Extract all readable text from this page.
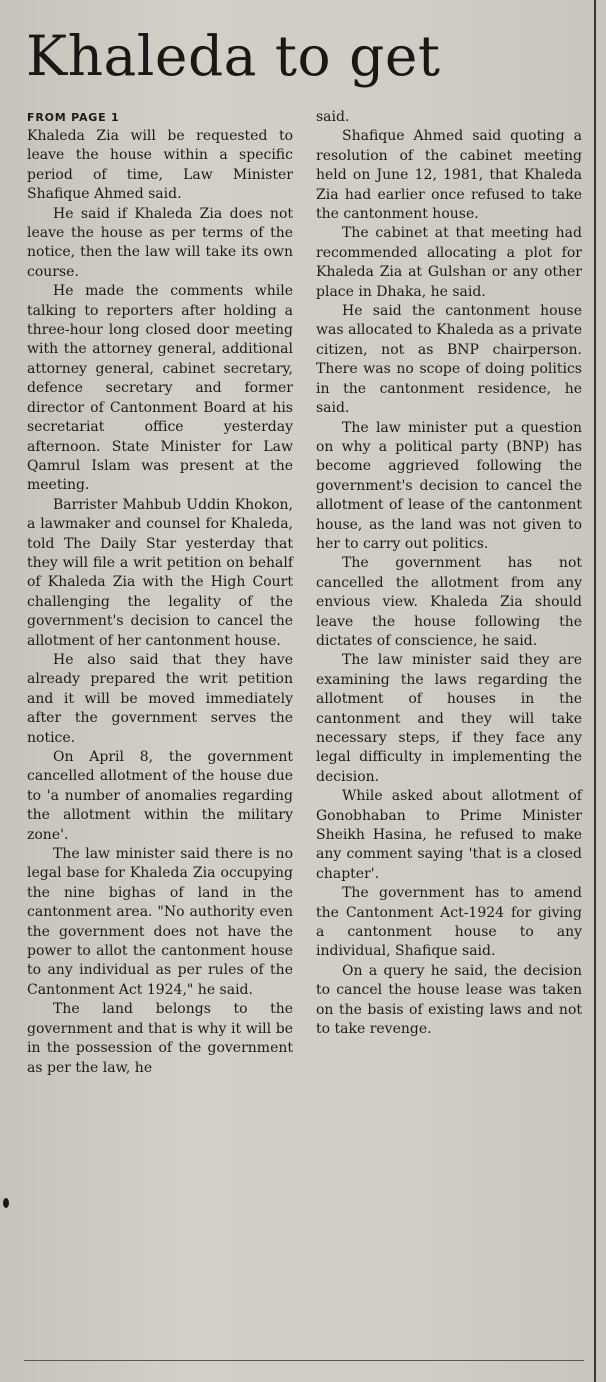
Khaleda to get
FROM PAGE 1

Khaleda Zia will be requested to leave the house within a specific period of time, Law Minister Shafique Ahmed said.

He said if Khaleda Zia does not leave the house as per terms of the notice, then the law will take its own course.

He made the comments while talking to reporters after holding a three-hour long closed door meeting with the attorney general, additional attorney general, cabinet secretary, defence secretary and former director of Cantonment Board at his secretariat office yesterday afternoon. State Minister for Law Qamrul Islam was present at the meeting.

Barrister Mahbub Uddin Khokon, a lawmaker and counsel for Khaleda, told The Daily Star yesterday that they will file a writ petition on behalf of Khaleda Zia with the High Court challenging the legality of the government's decision to cancel the allotment of her cantonment house.

He also said that they have already prepared the writ petition and it will be moved immediately after the government serves the notice.

On April 8, the government cancelled allotment of the house due to 'a number of anomalies regarding the allotment within the military zone'.

The law minister said there is no legal base for Khaleda Zia occupying the nine bighas of land in the cantonment area. "No authority even the government does not have the power to allot the cantonment house to any individual as per rules of the Cantonment Act 1924," he said.

The land belongs to the government and that is why it will be in the possession of the government as per the law, he

said.

Shafique Ahmed said quoting a resolution of the cabinet meeting held on June 12, 1981, that Khaleda Zia had earlier once refused to take the cantonment house.

The cabinet at that meeting had recommended allocating a plot for Khaleda Zia at Gulshan or any other place in Dhaka, he said.

He said the cantonment house was allocated to Khaleda as a private citizen, not as BNP chairperson. There was no scope of doing politics in the cantonment residence, he said.

The law minister put a question on why a political party (BNP) has become aggrieved following the government's decision to cancel the allotment of lease of the cantonment house, as the land was not given to her to carry out politics.

The government has not cancelled the allotment from any envious view. Khaleda Zia should leave the house following the dictates of conscience, he said.

The law minister said they are examining the laws regarding the allotment of houses in the cantonment and they will take necessary steps, if they face any legal difficulty in implementing the decision.

While asked about allotment of Gonobhaban to Prime Minister Sheikh Hasina, he refused to make any comment saying 'that is a closed chapter'.

The government has to amend the Cantonment Act-1924 for giving a cantonment house to any individual, Shafique said.

On a query he said, the decision to cancel the house lease was taken on the basis of existing laws and not to take revenge.
